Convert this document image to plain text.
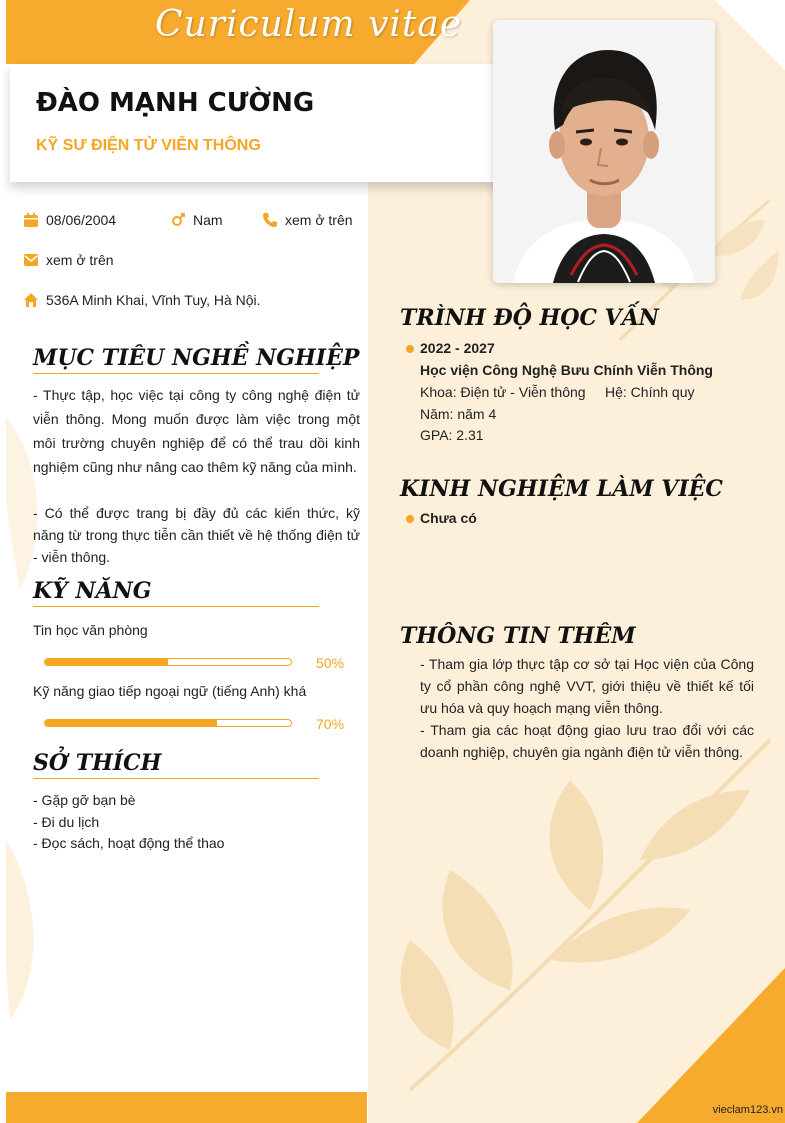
Curiculum vitae
ĐÀO MẠNH CƯỜNG
KỸ SƯ ĐIỆN TỬ VIỄN THÔNG
08/06/2004	Nam	xem ở trên
xem ở trên
536A Minh Khai, Vĩnh Tuy, Hà Nội.
MỤC TIÊU NGHỀ NGHIỆP
- Thực tập, học việc tại công ty công nghệ điện tử viễn thông. Mong muốn được làm việc trong một môi trường chuyên nghiệp để có thể trau dồi kinh nghiệm cũng như nâng cao thêm kỹ năng của mình.
- Có thể được trang bị đầy đủ các kiến thức, kỹ năng từ trong thực tiễn cần thiết về hệ thống điện tử - viễn thông.
KỸ NĂNG
Tin học văn phòng
50%
Kỹ năng giao tiếp ngoại ngữ (tiếng Anh) khá
70%
SỞ THÍCH
- Gặp gỡ bạn bè
- Đi du lịch
- Đọc sách, hoạt động thể thao
TRÌNH ĐỘ HỌC VẤN
2022 - 2027
Học viện Công Nghệ Bưu Chính Viễn Thông
Khoa: Điện tử - Viễn thông Hệ: Chính quy
Năm: năm 4
GPA: 2.31
KINH NGHIỆM LÀM VIỆC
Chưa có
THÔNG TIN THÊM
- Tham gia lớp thực tập cơ sở tại Học viện của Công ty cổ phần công nghệ VVT, giới thiệu về thiết kế tối ưu hóa và quy hoạch mạng viễn thông.
- Tham gia các hoạt động giao lưu trao đổi với các doanh nghiệp, chuyên gia ngành điện tử viễn thông.
vieclam123.vn
